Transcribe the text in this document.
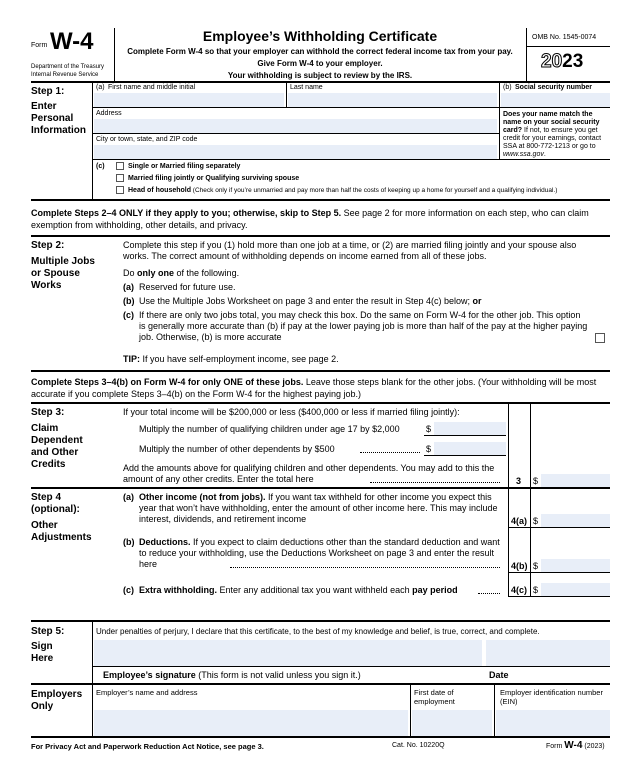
Form W-4
Department of the Treasury
Internal Revenue Service
Employee’s Withholding Certificate
Complete Form W-4 so that your employer can withhold the correct federal income tax from your pay.
Give Form W-4 to your employer.
Your withholding is subject to review by the IRS.
OMB No. 1545-0074
2023
Step 1:
Enter Personal Information
(a) First name and middle initial	Last name	(b) Social security number
Address
City or town, state, and ZIP code
Does your name match the name on your social security card? If not, to ensure you get credit for your earnings, contact SSA at 800-772-1213 or go to www.ssa.gov.
(c)	Single or Married filing separately
Married filing jointly or Qualifying surviving spouse
Head of household (Check only if you’re unmarried and pay more than half the costs of keeping up a home for yourself and a qualifying individual.)
Complete Steps 2–4 ONLY if they apply to you; otherwise, skip to Step 5. See page 2 for more information on each step, who can claim exemption from withholding, other details, and privacy.
Step 2:
Multiple Jobs or Spouse Works
Complete this step if you (1) hold more than one job at a time, or (2) are married filing jointly and your spouse also works. The correct amount of withholding depends on income earned from all of these jobs.
Do only one of the following.
(a) Reserved for future use.
(b) Use the Multiple Jobs Worksheet on page 3 and enter the result in Step 4(c) below; or
(c) If there are only two jobs total, you may check this box. Do the same on Form W-4 for the other job. This option is generally more accurate than (b) if pay at the lower paying job is more than half of the pay at the higher paying job. Otherwise, (b) is more accurate
TIP: If you have self-employment income, see page 2.
Complete Steps 3–4(b) on Form W-4 for only ONE of these jobs. Leave those steps blank for the other jobs. (Your withholding will be most accurate if you complete Steps 3–4(b) on the Form W-4 for the highest paying job.)
Step 3:
Claim Dependent and Other Credits
If your total income will be $200,000 or less ($400,000 or less if married filing jointly):
Multiply the number of qualifying children under age 17 by $2,000	$
Multiply the number of other dependents by $500	$
Add the amounts above for qualifying children and other dependents. You may add to this the amount of any other credits. Enter the total here	3 $
Step 4 (optional):
Other Adjustments
(a) Other income (not from jobs). If you want tax withheld for other income you expect this year that won’t have withholding, enter the amount of other income here. This may include interest, dividends, and retirement income	4(a) $
(b) Deductions. If you expect to claim deductions other than the standard deduction and want to reduce your withholding, use the Deductions Worksheet on page 3 and enter the result here	4(b) $
(c) Extra withholding. Enter any additional tax you want withheld each pay period	4(c) $
Step 5:
Sign Here
Under penalties of perjury, I declare that this certificate, to the best of my knowledge and belief, is true, correct, and complete.
Employee’s signature (This form is not valid unless you sign it.)	Date
Employers Only
Employer’s name and address	First date of employment
Employer identification number (EIN)
For Privacy Act and Paperwork Reduction Act Notice, see page 3.	Cat. No. 10220Q	Form W-4 (2023)
